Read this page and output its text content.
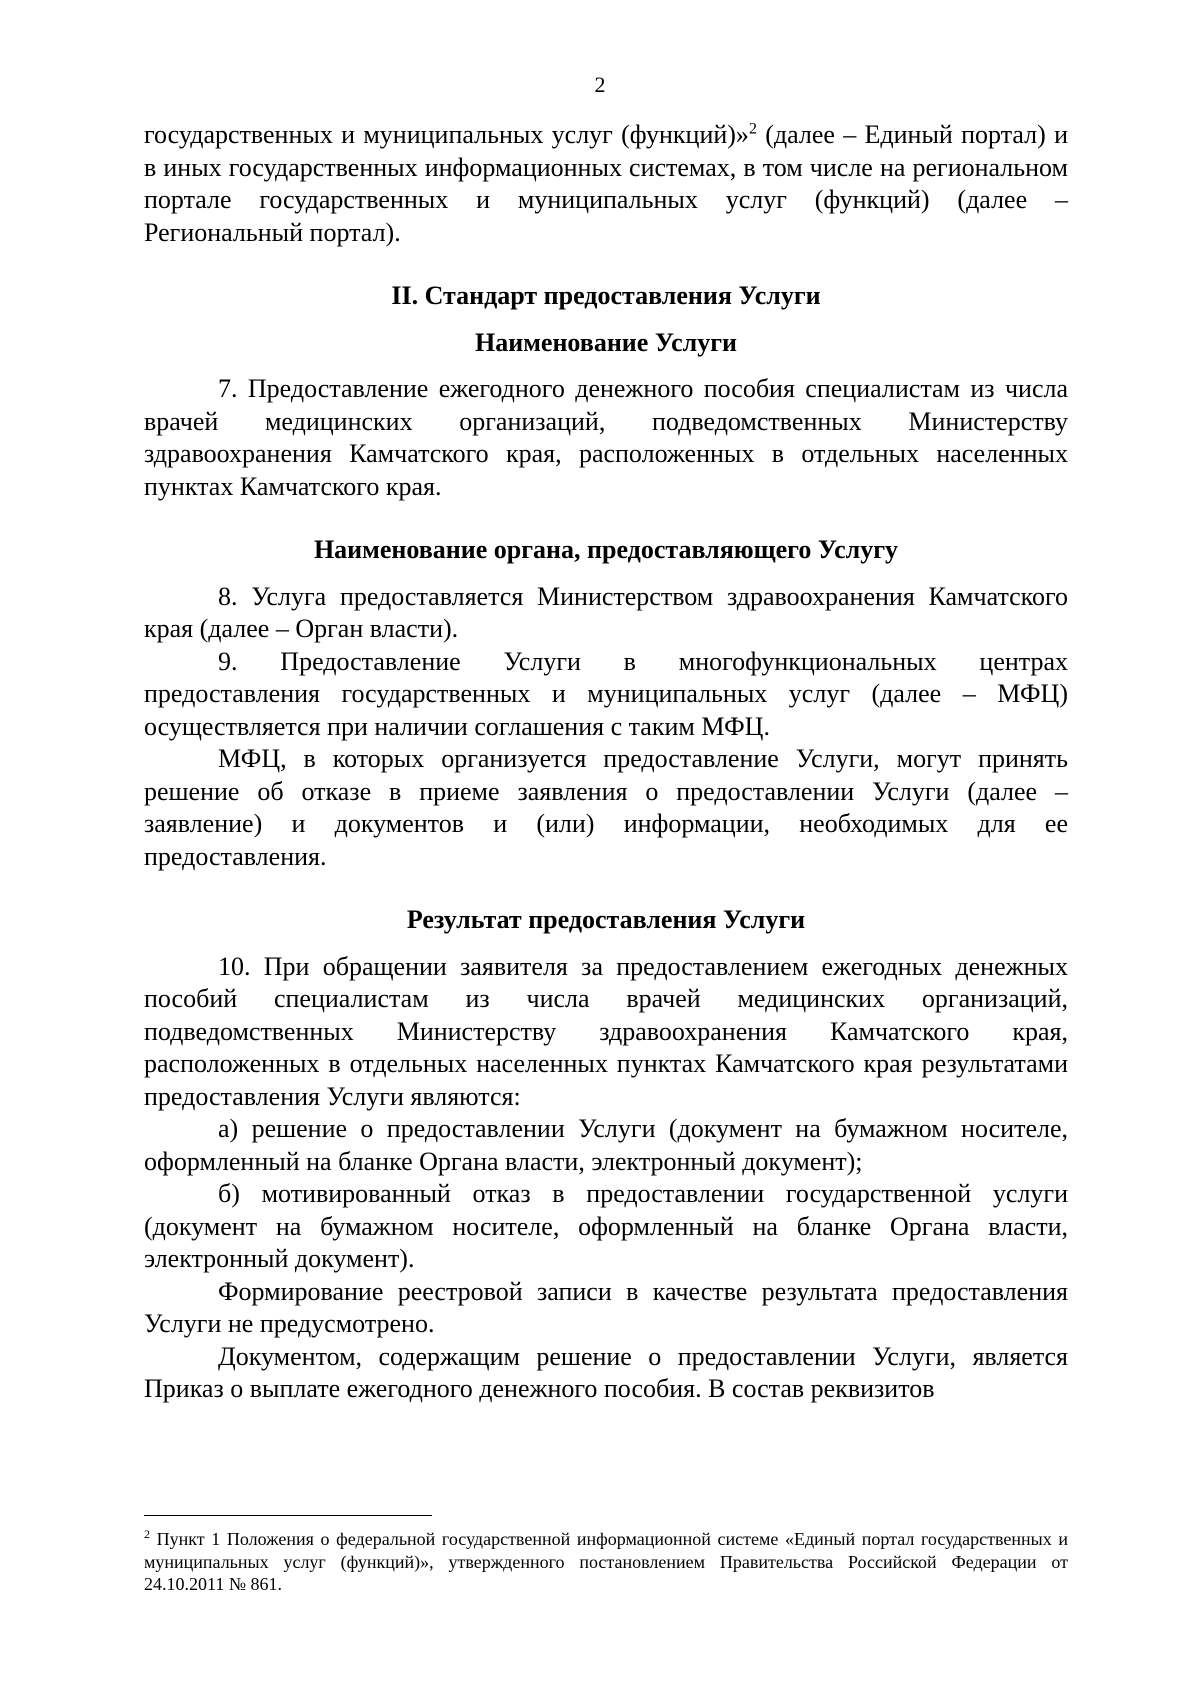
2

государственных и муниципальных услуг (функций)»$^2$ (далее – Единый портал) и в иных государственных информационных системах, в том числе на региональном портале государственных и муниципальных услуг (функций) (далее – Региональный портал).

II. Стандарт предоставления Услуги
Наименование Услуги

7. Предоставление ежегодного денежного пособия специалистам из числа врачей медицинских организаций, подведомственных Министерству здравоохранения Камчатского края, расположенных в отдельных населенных пунктах Камчатского края.

Наименование органа, предоставляющего Услугу

8. Услуга предоставляется Министерством здравоохранения Камчатского края (далее – Орган власти).

9. Предоставление Услуги в многофункциональных центрах предоставления государственных и муниципальных услуг (далее – МФЦ) осуществляется при наличии соглашения с таким МФЦ.

МФЦ, в которых организуется предоставление Услуги, могут принять решение об отказе в приеме заявления о предоставлении Услуги (далее – заявление) и документов и (или) информации, необходимых для ее предоставления.

Результат предоставления Услуги

10. При обращении заявителя за предоставлением ежегодных денежных пособий специалистам из числа врачей медицинских организаций, подведомственных Министерству здравоохранения Камчатского края, расположенных в отдельных населенных пунктах Камчатского края результатами предоставления Услуги являются:

а) решение о предоставлении Услуги (документ на бумажном носителе, оформленный на бланке Органа власти, электронный документ);

б) мотивированный отказ в предоставлении государственной услуги (документ на бумажном носителе, оформленный на бланке Органа власти, электронный документ).

Формирование реестровой записи в качестве результата предоставления Услуги не предусмотрено.

Документом, содержащим решение о предоставлении Услуги, является Приказ о выплате ежегодного денежного пособия. В состав реквизитов

$^2$ Пункт 1 Положения о федеральной государственной информационной системе «Единый портал государственных и муниципальных услуг (функций)», утвержденного постановлением Правительства Российской Федерации от 24.10.2011 № 861.
